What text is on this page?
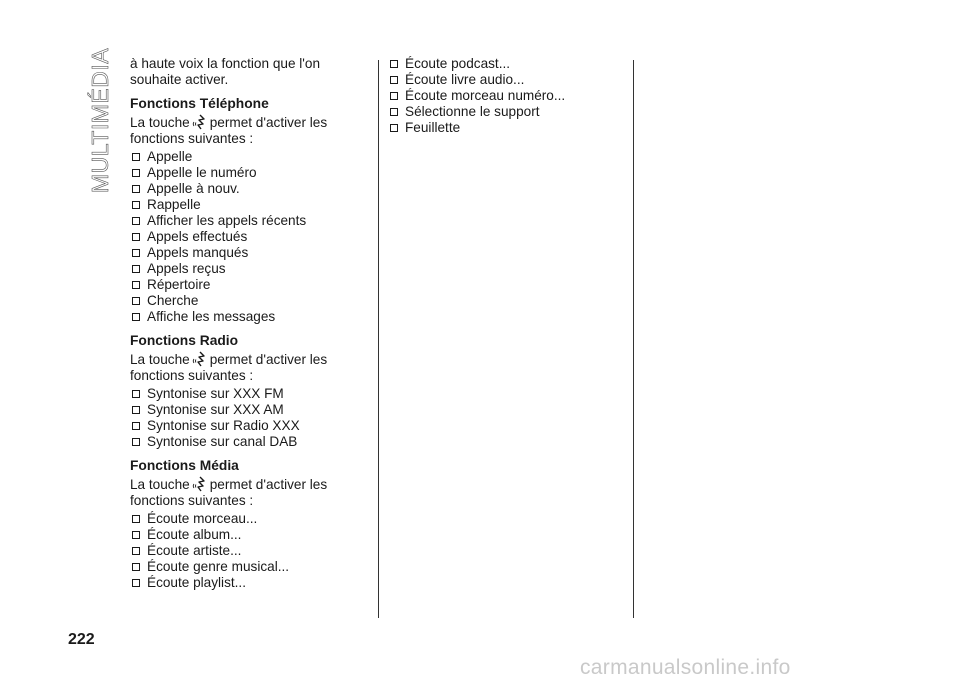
MULTIMÉDIA à haute voix la fonction que l'on souhaite activer.

Fonctions Téléphone

La touche permet d'activer les fonctions suivantes :

Appelle
Appelle le numéro
Appelle à nouv.
Rappelle
Afficher les appels récents
Appels effectués
Appels manqués
Appels reçus
Répertoire
Cherche
Affiche les messages
Fonctions Radio

La touche permet d'activer les fonctions suivantes :

Syntonise sur XXX FM
Syntonise sur XXX AM
Syntonise sur Radio XXX
Syntonise sur canal DAB
Fonctions Média

La touche permet d'activer les fonctions suivantes :

Écoute morceau...
Écoute album...
Écoute artiste...
Écoute genre musical...
Écoute playlist...
Écoute podcast...
Écoute livre audio...
Écoute morceau numéro...
Sélectionne le support
Feuillette
222
carmanualsonline.info
